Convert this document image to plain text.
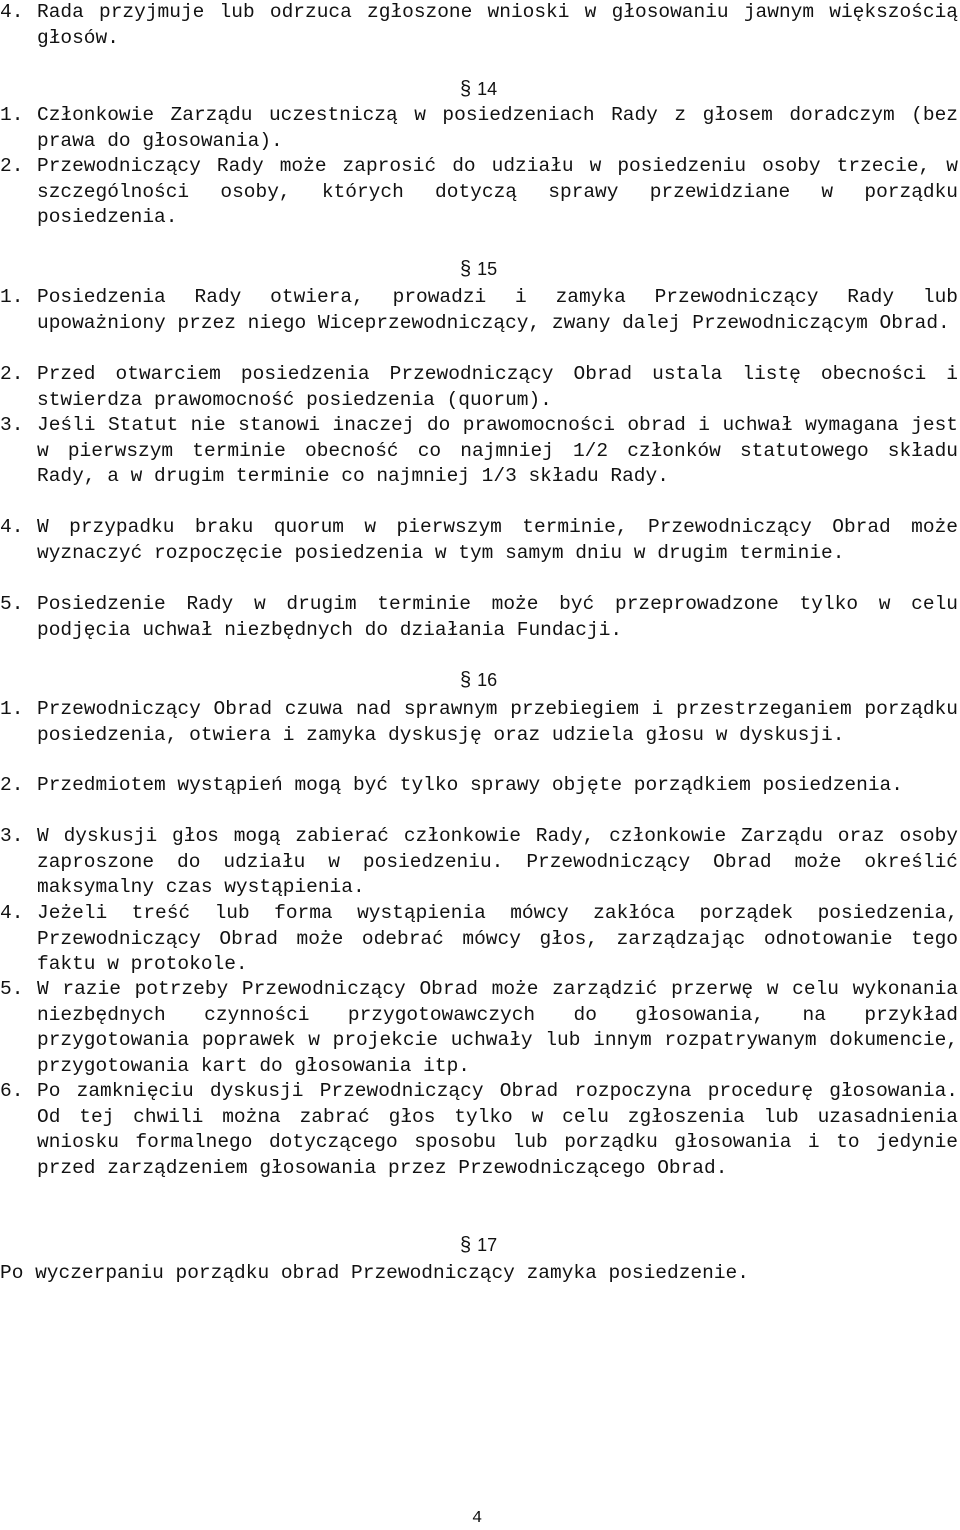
4. Rada przyjmuje lub odrzuca zgłoszone wnioski w głosowaniu jawnym większością głosów.
§ 14
1. Członkowie Zarządu uczestniczą w posiedzeniach Rady z głosem doradczym (bez prawa do głosowania).
2. Przewodniczący Rady może zaprosić do udziału w posiedzeniu osoby trzecie, w szczególności osoby, których dotyczą sprawy przewidziane w porządku posiedzenia.
§ 15
1. Posiedzenia Rady otwiera, prowadzi i zamyka Przewodniczący Rady lub upoważniony przez niego Wiceprzewodniczący, zwany dalej Przewodniczącym Obrad.
2. Przed otwarciem posiedzenia Przewodniczący Obrad ustala listę obecności i stwierdza prawomocność posiedzenia (quorum).
3. Jeśli Statut nie stanowi inaczej do prawomocności obrad i uchwał wymagana jest w pierwszym terminie obecność co najmniej 1/2 członków statutowego składu Rady, a w drugim terminie co najmniej 1/3 składu Rady.
4. W przypadku braku quorum w pierwszym terminie, Przewodniczący Obrad może wyznaczyć rozpoczęcie posiedzenia w tym samym dniu w drugim terminie.
5. Posiedzenie Rady w drugim terminie może być przeprowadzone tylko w celu podjęcia uchwał niezbędnych do działania Fundacji.
§ 16
1. Przewodniczący Obrad czuwa nad sprawnym przebiegiem i przestrzeganiem porządku posiedzenia, otwiera i zamyka dyskusję oraz udziela głosu w dyskusji.
2. Przedmiotem wystąpień mogą być tylko sprawy objęte porządkiem posiedzenia.
3. W dyskusji głos mogą zabierać członkowie Rady, członkowie Zarządu oraz osoby zaproszone do udziału w posiedzeniu. Przewodniczący Obrad może określić maksymalny czas wystąpienia.
4. Jeżeli treść lub forma wystąpienia mówcy zakłóca porządek posiedzenia, Przewodniczący Obrad może odebrać mówcy głos, zarządzając odnotowanie tego faktu w protokole.
5. W razie potrzeby Przewodniczący Obrad może zarządzić przerwę w celu wykonania niezbędnych czynności przygotowawczych do głosowania, na przykład przygotowania poprawek w projekcie uchwały lub innym rozpatrywanym dokumencie, przygotowania kart do głosowania itp.
6. Po zamknięciu dyskusji Przewodniczący Obrad rozpoczyna procedurę głosowania. Od tej chwili można zabrać głos tylko w celu zgłoszenia lub uzasadnienia wniosku formalnego dotyczącego sposobu lub porządku głosowania i to jedynie przed zarządzeniem głosowania przez Przewodniczącego Obrad.
§ 17
Po wyczerpaniu porządku obrad Przewodniczący zamyka posiedzenie.
4
